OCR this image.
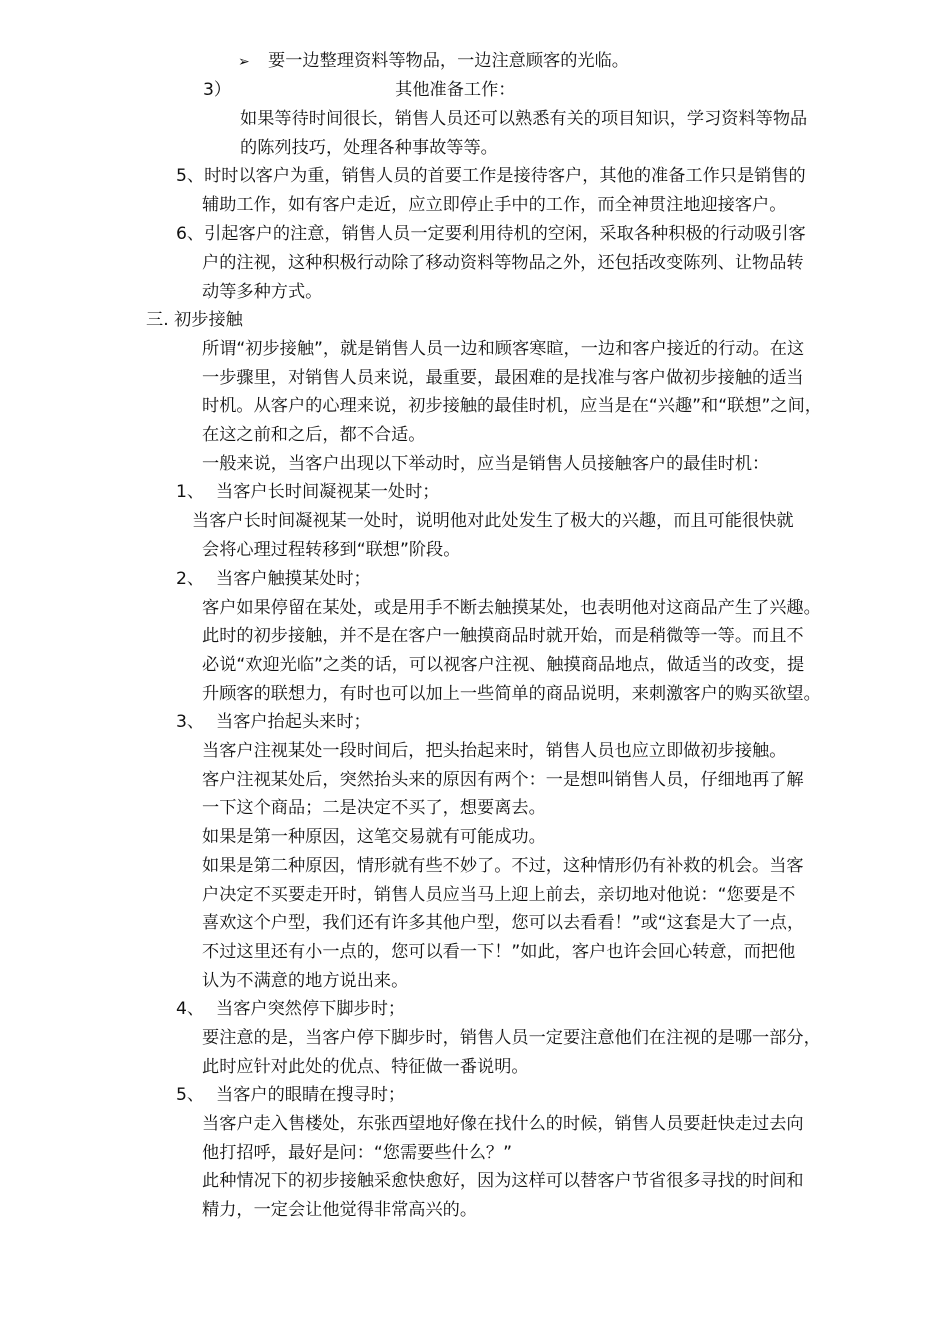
➢ 要一边整理资料等物品，一边注意顾客的光临。
3）	其他准备工作：
如果等待时间很长，销售人员还可以熟悉有关的项目知识，学习资料等物品
的陈列技巧，处理各种事故等等。
5、时时以客户为重，销售人员的首要工作是接待客户，其他的准备工作只是销售的
辅助工作，如有客户走近，应立即停止手中的工作，而全神贯注地迎接客户。
6、引起客户的注意，销售人员一定要利用待机的空闲，采取各种积极的行动吸引客
户的注视，这种积极行动除了移动资料等物品之外，还包括改变陈列、让物品转
动等多种方式。
三. 初步接触
所谓“初步接触”，就是销售人员一边和顾客寒暄，一边和客户接近的行动。在这
一步骤里，对销售人员来说，最重要，最困难的是找准与客户做初步接触的适当
时机。从客户的心理来说，初步接触的最佳时机，应当是在“兴趣”和“联想”之间，
在这之前和之后，都不合适。
一般来说，当客户出现以下举动时，应当是销售人员接触客户的最佳时机：
1、 当客户长时间凝视某一处时；
当客户长时间凝视某一处时，说明他对此处发生了极大的兴趣，而且可能很快就
会将心理过程转移到“联想”阶段。
2、 当客户触摸某处时；
客户如果停留在某处，或是用手不断去触摸某处，也表明他对这商品产生了兴趣。
此时的初步接触，并不是在客户一触摸商品时就开始，而是稍微等一等。而且不
必说“欢迎光临”之类的话，可以视客户注视、触摸商品地点，做适当的改变，提
升顾客的联想力，有时也可以加上一些简单的商品说明，来刺激客户的购买欲望。
3、 当客户抬起头来时；
当客户注视某处一段时间后，把头抬起来时，销售人员也应立即做初步接触。
客户注视某处后，突然抬头来的原因有两个：一是想叫销售人员，仔细地再了解
一下这个商品；二是决定不买了，想要离去。
如果是第一种原因，这笔交易就有可能成功。
如果是第二种原因，情形就有些不妙了。不过，这种情形仍有补救的机会。当客
户决定不买要走开时，销售人员应当马上迎上前去，亲切地对他说：“您要是不
喜欢这个户型，我们还有许多其他户型，您可以去看看！”或“这套是大了一点，
不过这里还有小一点的，您可以看一下！”如此，客户也许会回心转意，而把他
认为不满意的地方说出来。
4、 当客户突然停下脚步时；
要注意的是，当客户停下脚步时，销售人员一定要注意他们在注视的是哪一部分，
此时应针对此处的优点、特征做一番说明。
5、 当客户的眼睛在搜寻时；
当客户走入售楼处，东张西望地好像在找什么的时候，销售人员要赶快走过去向
他打招呼，最好是问：“您需要些什么？”
此种情况下的初步接触采愈快愈好，因为这样可以替客户节省很多寻找的时间和
精力，一定会让他觉得非常高兴的。
